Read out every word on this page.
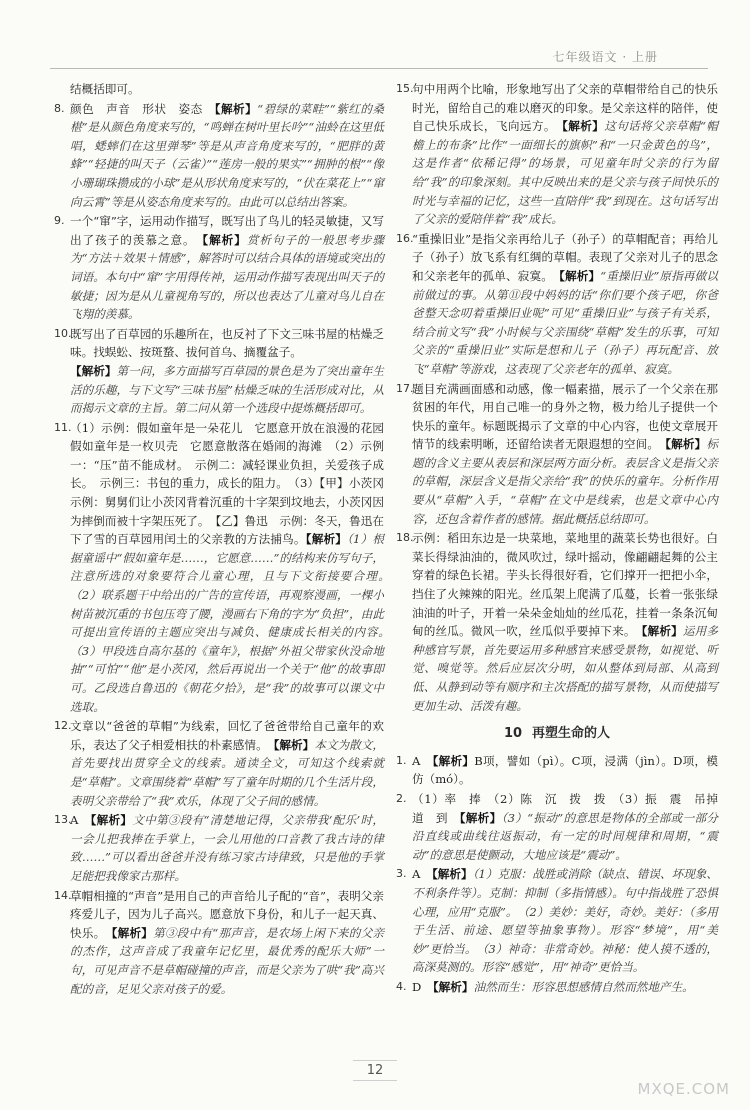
七年级语文 · 上册
结概括即可。
8. 颜色　声音　形状　姿态　【解析】“碧绿的菜畦”“紫红的桑椹”是从颜色角度来写的，“鸣蝉在树叶里长吟”“油蛉在这里低唱，蟋蟀们在这里弹琴”等是从声音角度来写的，“肥胖的黄蜂”“轻捷的叫天子（云雀）”“莲房一般的果实”“拥肿的根”“像小珊瑚珠攒成的小球”是从形状角度来写的，“伏在菜花上”“窜向云霄”等是从姿态角度来写的。由此可以总结出答案。
9. 一个“窜”字，运用动作描写，既写出了鸟儿的轻灵敏捷，又写出了孩子的羡慕之意。　【解析】赏析句子的一般思考步骤为“方法＋效果＋情感”，解答时可以结合具体的语境或突出的词语。本句中“窜”字用得传神，运用动作描写表现出叫天子的敏捷；因为是从儿童视角写的，所以也表达了儿童对鸟儿自在飞翔的羡慕。
10.
既写出了百草园的乐趣所在，也反衬了下文三味书屋的枯燥乏味。找蜈蚣、按斑蝥、拔何首乌、摘覆盆子。
【解析】第一问，多方面描写百草园的景色是为了突出童年生活的乐趣，与下文写“三味书屋”枯燥乏味的生活形成对比，从而揭示文章的主旨。第二问从第一个选段中提炼概括即可。
11.
（1）示例：假如童年是一朵花儿　它愿意开放在浪漫的花园　假如童年是一枚贝壳　它愿意散落在婚闹的海滩　（2）示例一：“压”苗不能成材。　示例二：减轻课业负担，关爱孩子成长。　示例三：书包的重力，成长的阻力。　（3）【甲】小茨冈　示例：舅舅们让小茨冈背着沉重的十字架到坟地去，小茨冈因为摔倒而被十字架压死了。　【乙】鲁迅　示例：冬天，鲁迅在下了雪的百草园用闰土的父亲教的方法捕鸟。【解析】（1）根据童谣中“假如童年是……，它愿意……”的结构来仿写句子，注意所选的对象要符合儿童心理，且与下文衔接要合理。　（2）联系题干中给出的广告的宣传语，再观察漫画，一棵小树苗被沉重的书包压弯了腰，漫画右下角的字为“负担”，由此可提出宣传语的主题应突出与减负、健康成长相关的内容。　（3）甲段选自高尔基的《童年》，根据“外祖父带家伙没命地抽”“可怕”“他”是小茨冈，然后再说出一个关于“他”的故事即可。乙段选自鲁迅的《朝花夕拾》，是“我”的故事可以课文中选取。
12.
文章以“爸爸的草帽”为线索，回忆了爸爸带给自己童年的欢乐，表达了父子相爱相扶的朴素感情。　【解析】本文为散文，首先要找出贯穿全文的线索。通读全文，可知这个线索就是“草帽”。文章围绕着“草帽”写了童年时期的几个生活片段，表明父亲带给了“我”欢乐，体现了父子间的感情。
13.
A　【解析】文中第③段有“清楚地记得，父亲带我‘配乐’时，一会儿把我捧在手掌上，一会儿用他的口音教了我古诗的律致……”可以看出爸爸并没有练习家古诗律致，只是他的手掌足能把我像家古那样。
14.
草帽相撞的“声音”是用自己的声音给儿子配的“音”，表明父亲疼爱儿子，因为儿子高兴。愿意放下身份，和儿子一起天真、快乐。　【解析】第③段中有“那声音，是农场上闲下来的父亲的杰作，这声音成了我童年记忆里，最优秀的配乐大师”一句，可见声音不是草帽碰撞的声音，而是父亲为了哄“我”高兴配的音，足见父亲对孩子的爱。
15.
句中用两个比喻，形象地写出了父亲的草帽带给自己的快乐时光，留给自己的难以磨灭的印象。是父亲这样的陪伴，使自己快乐成长，飞向远方。　【解析】这句话将父亲草帽“帽檐上的布条”比作“一面细长的旗帜”和“一只金黄色的鸟”，这是作者“依稀记得”的场景，可见童年时父亲的行为留给“我”的印象深刻。其中反映出来的是父亲与孩子间快乐的时光与幸福的记忆，这些一直陪伴“我”到现在。这句话写出了父亲的爱陪伴着“我”成长。
16.
“重操旧业”是指父亲再给儿子（孙子）的草帽配音；再给儿子（孙子）放飞系有红绸的草帽。表现了父亲对儿子的思念和父亲老年的孤单、寂寞。　【解析】“重操旧业”原指再做以前做过的事。从第⑪段中妈妈的话“你们要个孩子吧，你爸爸整天念叨着重操旧业呢”可见“重操旧业”与孩子有关系，结合前文写“我”小时候与父亲围绕“草帽”发生的乐事，可知父亲的“重操旧业”实际是想和儿子（孙子）再玩配音、放飞“草帽”等游戏，这表现了父亲老年的孤单、寂寞。
17.
题目充满画面感和动感，像一幅素描，展示了一个父亲在那贫困的年代，用自己唯一的身外之物，极力给儿子提供一个快乐的童年。标题既揭示了文章的中心内容，也使文章展开情节的线索明晰，还留给读者无限遐想的空间。　【解析】标题的含义主要从表层和深层两方面分析。表层含义是指父亲的草帽，深层含义是指父亲给“我”的快乐的童年。分析作用要从“草帽”入手，“草帽”在文中是线索，也是文章中心内容，还包含着作者的感情。据此概括总结即可。
18.
示例：稻田东边是一块菜地，菜地里的蔬菜长势也很好。白菜长得绿油油的，微风吹过，绿叶摇动，像翩翩起舞的公主穿着的绿色长裙。芋头长得很好看，它们撑开一把把小伞，挡住了火辣辣的阳光。丝瓜架上爬满了瓜蔓，长着一张张绿油油的叶子，开着一朵朵金灿灿的丝瓜花，挂着一条条沉甸甸的丝瓜。微风一吹，丝瓜似乎要掉下来。　【解析】运用多种感官写景，首先要运用多种感官来感受景物，如视觉、听觉、嗅觉等。然后应层次分明，如从整体到局部、从高到低、从静到动等有顺序和主次搭配的描写景物，从而使描写更加生动、活泼有趣。
10 再塑生命的人
1. A　【解析】B项，譬如（pì）。C项，浸满（jìn）。D项，模仿（mó）。
2. （1）率　捧　（2）陈　沉　拨　拨　（3）振　震　吊掉　道　到　【解析】（3）“振动”的意思是物体的全部或一部分沿直线或曲线往返振动，有一定的时间规律和周期，“震动”的意思是使颤动，大地应该是“震动”。
3. A　【解析】（1）克服：战胜或消除（缺点、错误、坏现象、不利条件等）。克制：抑制（多指情感）。句中指战胜了恐惧心理，应用“克服”。　（2）美妙：美好，奇妙。美好：（多用于生活、前途、愿望等抽象事物）。形容“梦境”，用“美妙”更恰当。　（3）神奇：非常奇妙。神秘：使人摸不透的，高深莫测的。形容“感觉”，用“神奇”更恰当。
4. D　【解析】油然而生：形容思想感情自然而然地产生。
12
MXQE.COM
